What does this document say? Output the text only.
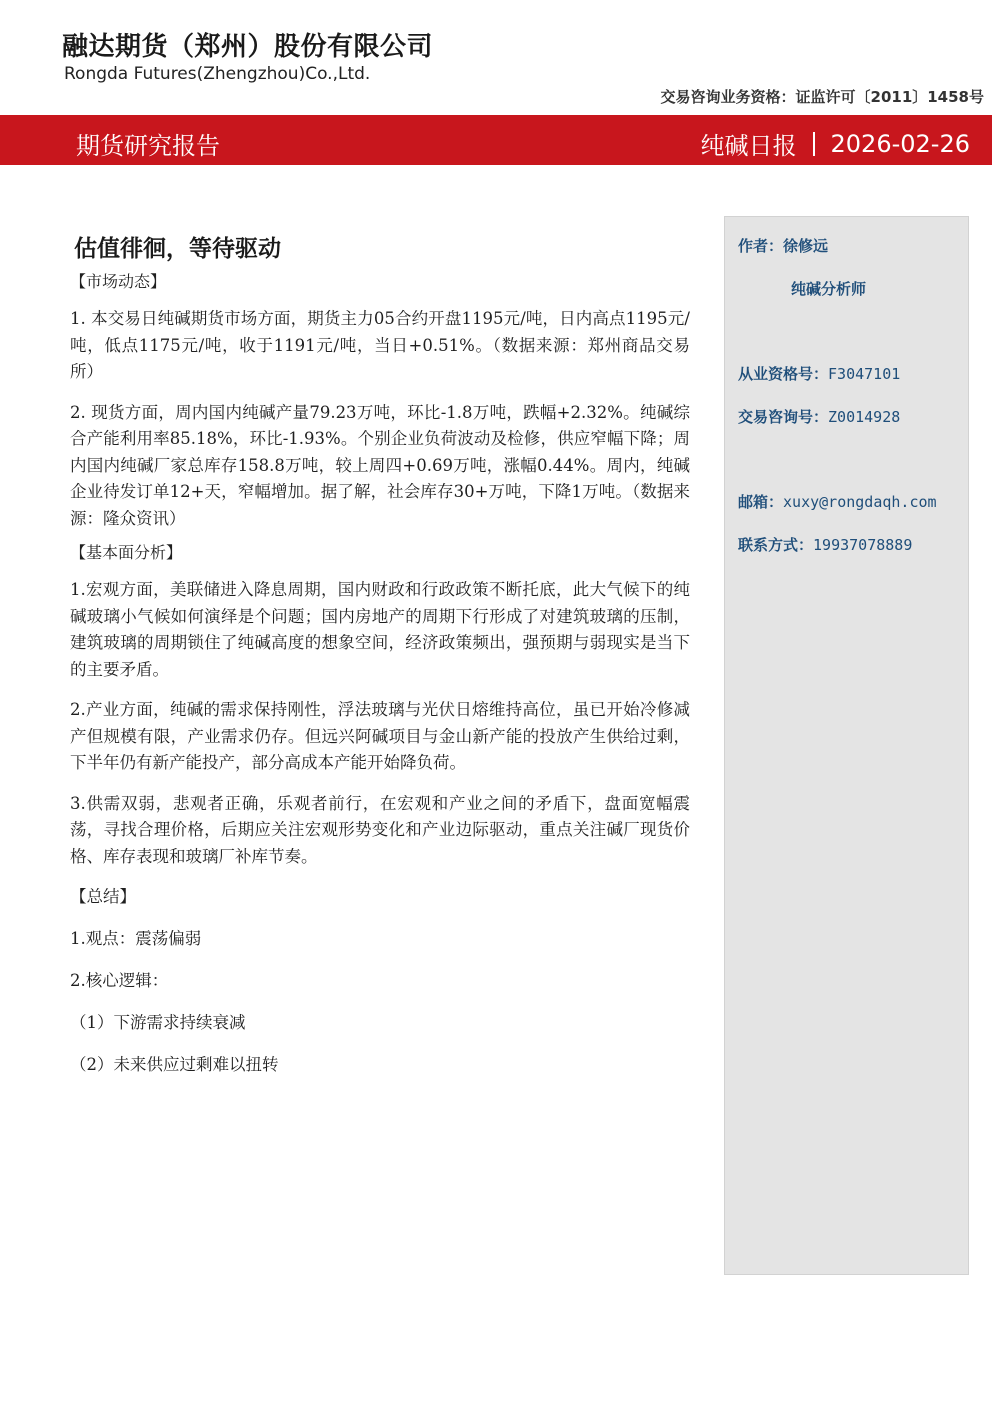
融达期货（郑州）股份有限公司
Rongda Futures(Zhengzhou)Co.,Ltd.
交易咨询业务资格：证监许可〔2011〕1458号
期货研究报告	纯碱日报 2026-02-26
估值徘徊，等待驱动
【市场动态】

1. 本交易日纯碱期货市场方面，期货主力05合约开盘1195元/吨，日内高点1195元/吨，低点1175元/吨，收于1191元/吨，当日+0.51%。（数据来源：郑州商品交易所）

2. 现货方面，周内国内纯碱产量79.23万吨，环比-1.8万吨，跌幅+2.32%。纯碱综合产能利用率85.18%，环比-1.93%。个别企业负荷波动及检修，供应窄幅下降；周内国内纯碱厂家总库存158.8万吨，较上周四+0.69万吨，涨幅0.44%。周内，纯碱企业待发订单12+天，窄幅增加。据了解，社会库存30+万吨，下降1万吨。（数据来源：隆众资讯）

【基本面分析】

1.宏观方面，美联储进入降息周期，国内财政和行政政策不断托底，此大气候下的纯碱玻璃小气候如何演绎是个问题；国内房地产的周期下行形成了对建筑玻璃的压制，建筑玻璃的周期锁住了纯碱高度的想象空间，经济政策频出，强预期与弱现实是当下的主要矛盾。

2.产业方面，纯碱的需求保持刚性，浮法玻璃与光伏日熔维持高位，虽已开始冷修减产但规模有限，产业需求仍存。但远兴阿碱项目与金山新产能的投放产生供给过剩，下半年仍有新产能投产，部分高成本产能开始降负荷。

3.供需双弱，悲观者正确，乐观者前行，在宏观和产业之间的矛盾下，盘面宽幅震荡，寻找合理价格，后期应关注宏观形势变化和产业边际驱动，重点关注碱厂现货价格、库存表现和玻璃厂补库节奏。

【总结】
1.观点：震荡偏弱
2.核心逻辑：
（1）下游需求持续衰减
（2）未来供应过剩难以扭转
作者：徐修远
纯碱分析师
从业资格号：F3047101
交易咨询号：Z0014928
邮箱：xuxy@rongdaqh.com
联系方式：19937078889
